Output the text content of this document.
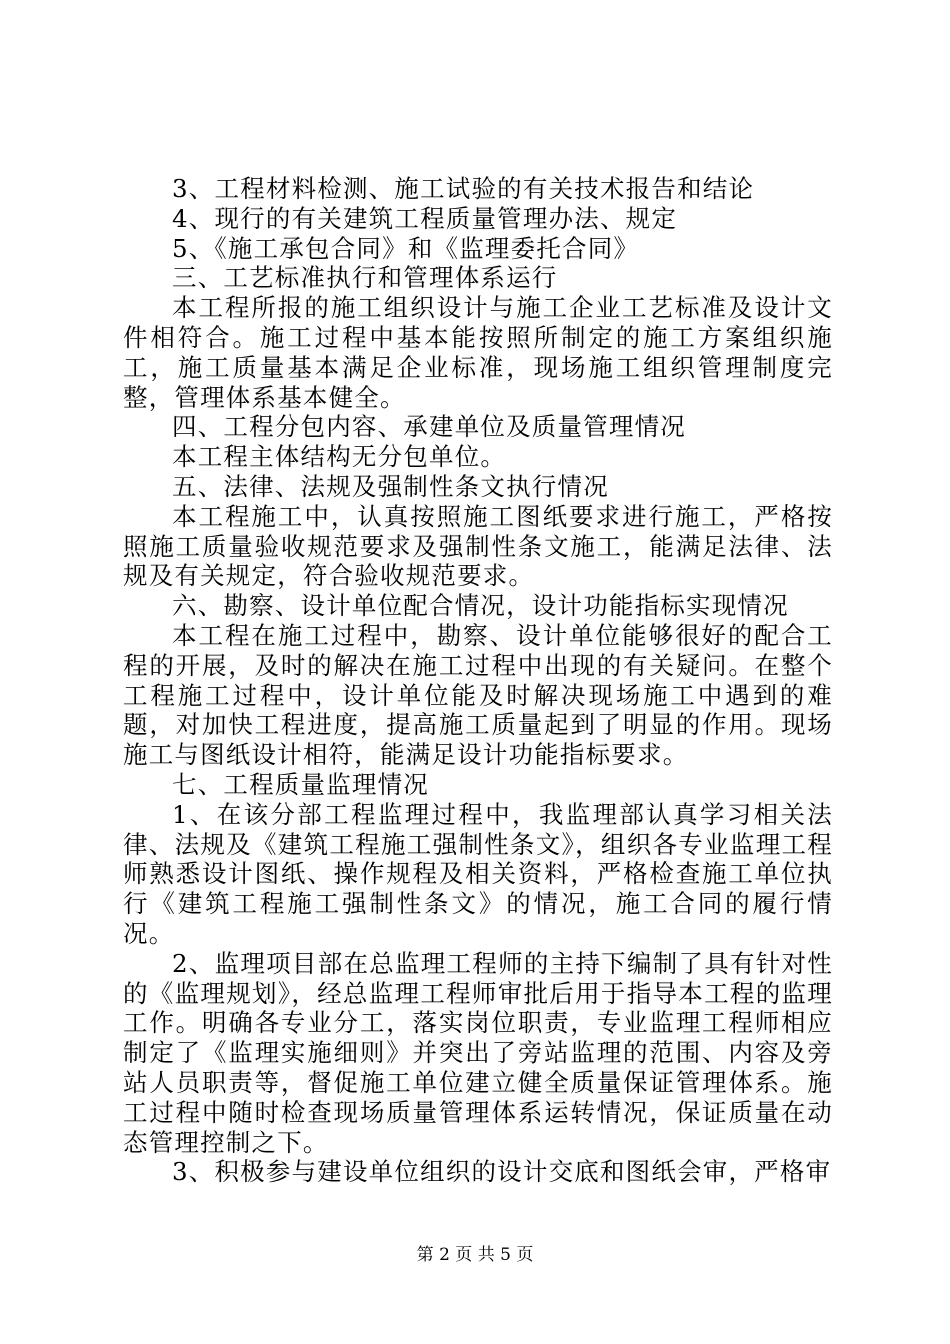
3、工程材料检测、施工试验的有关技术报告和结论

4、现行的有关建筑工程质量管理办法、规定

5、《施工承包合同》和《监理委托合同》

三、工艺标准执行和管理体系运行

本工程所报的施工组织设计与施工企业工艺标准及设计文件相符合。施工过程中基本能按照所制定的施工方案组织施工，施工质量基本满足企业标准，现场施工组织管理制度完整，管理体系基本健全。

四、工程分包内容、承建单位及质量管理情况

本工程主体结构无分包单位。

五、法律、法规及强制性条文执行情况

本工程施工中，认真按照施工图纸要求进行施工，严格按照施工质量验收规范要求及强制性条文施工，能满足法律、法规及有关规定，符合验收规范要求。

六、勘察、设计单位配合情况，设计功能指标实现情况

本工程在施工过程中，勘察、设计单位能够很好的配合工程的开展，及时的解决在施工过程中出现的有关疑问。在整个工程施工过程中，设计单位能及时解决现场施工中遇到的难题，对加快工程进度，提高施工质量起到了明显的作用。现场施工与图纸设计相符，能满足设计功能指标要求。

七、工程质量监理情况

1、在该分部工程监理过程中，我监理部认真学习相关法律、法规及《建筑工程施工强制性条文》，组织各专业监理工程师熟悉设计图纸、操作规程及相关资料，严格检查施工单位执行《建筑工程施工强制性条文》的情况，施工合同的履行情况。

2、监理项目部在总监理工程师的主持下编制了具有针对性的《监理规划》，经总监理工程师审批后用于指导本工程的监理工作。明确各专业分工，落实岗位职责，专业监理工程师相应制定了《监理实施细则》并突出了旁站监理的范围、内容及旁站人员职责等，督促施工单位建立健全质量保证管理体系。施工过程中随时检查现场质量管理体系运转情况，保证质量在动态管理控制之下。

3、积极参与建设单位组织的设计交底和图纸会审，严格审

第 2 页 共 5 页
